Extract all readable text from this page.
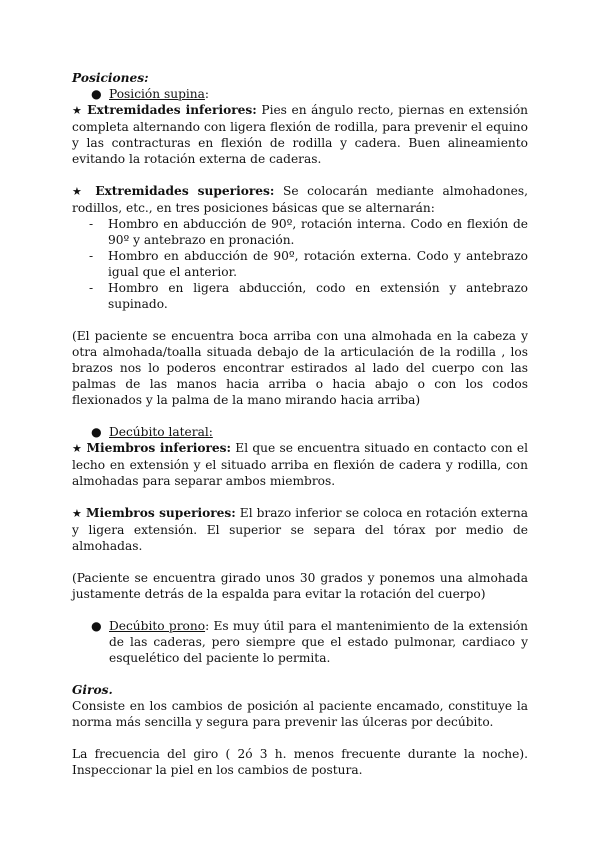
Posiciones:

● Posición supina:

★ Extremidades inferiores: Pies en ángulo recto, piernas en extensión completa alternando con ligera flexión de rodilla, para prevenir el equino y las contracturas en flexión de rodilla y cadera. Buen alineamiento evitando la rotación externa de caderas.

★ Extremidades superiores: Se colocarán mediante almohadones, rodillos, etc., en tres posiciones básicas que se alternarán:

- Hombro en abducción de 90º, rotación interna. Codo en flexión de 90º y antebrazo en pronación.

- Hombro en abducción de 90º, rotación externa. Codo y antebrazo igual que el anterior.

- Hombro en ligera abducción, codo en extensión y antebrazo supinado.

(El paciente se encuentra boca arriba con una almohada en la cabeza y otra almohada/toalla situada debajo de la articulación de la rodilla , los brazos nos lo poderos encontrar estirados al lado del cuerpo con las palmas de las manos hacia arriba o hacia abajo o con los codos flexionados y la palma de la mano mirando hacia arriba)

● Decúbito lateral:

★ Miembros inferiores: El que se encuentra situado en contacto con el lecho en extensión y el situado arriba en flexión de cadera y rodilla, con almohadas para separar ambos miembros.

★ Miembros superiores: El brazo inferior se coloca en rotación externa y ligera extensión. El superior se separa del tórax por medio de almohadas.

(Paciente se encuentra girado unos 30 grados y ponemos una almohada justamente detrás de la espalda para evitar la rotación del cuerpo)

● Decúbito prono: Es muy útil para el mantenimiento de la extensión de las caderas, pero siempre que el estado pulmonar, cardiaco y esquelético del paciente lo permita.

Giros.

Consiste en los cambios de posición al paciente encamado, constituye la norma más sencilla y segura para prevenir las úlceras por decúbito.

La frecuencia del giro ( 2ó 3 h. menos frecuente durante la noche). Inspeccionar la piel en los cambios de postura.
